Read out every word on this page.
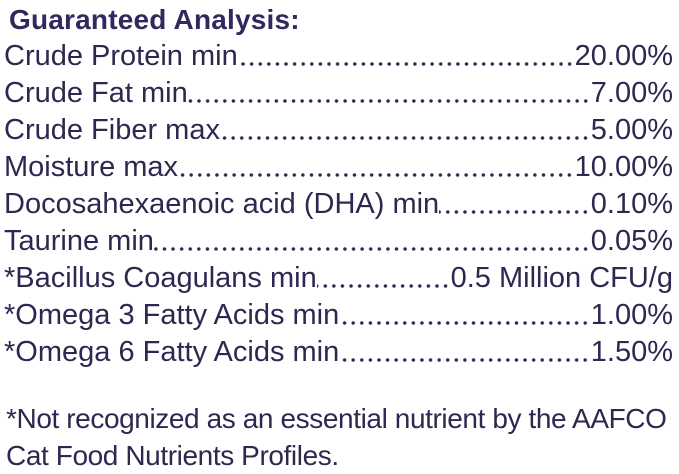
Guaranteed Analysis:
Crude Protein min	20.00%
Crude Fat min	7.00%
Crude Fiber max	5.00%
Moisture max	10.00%
Docosahexaenoic acid (DHA) min	0.10%
Taurine min	0.05%
*Bacillus Coagulans min	0.5 Million CFU/g
*Omega 3 Fatty Acids min	1.00%
*Omega 6 Fatty Acids min	1.50%

*Not recognized as an essential nutrient by the AAFCO Cat Food Nutrients Profiles.
